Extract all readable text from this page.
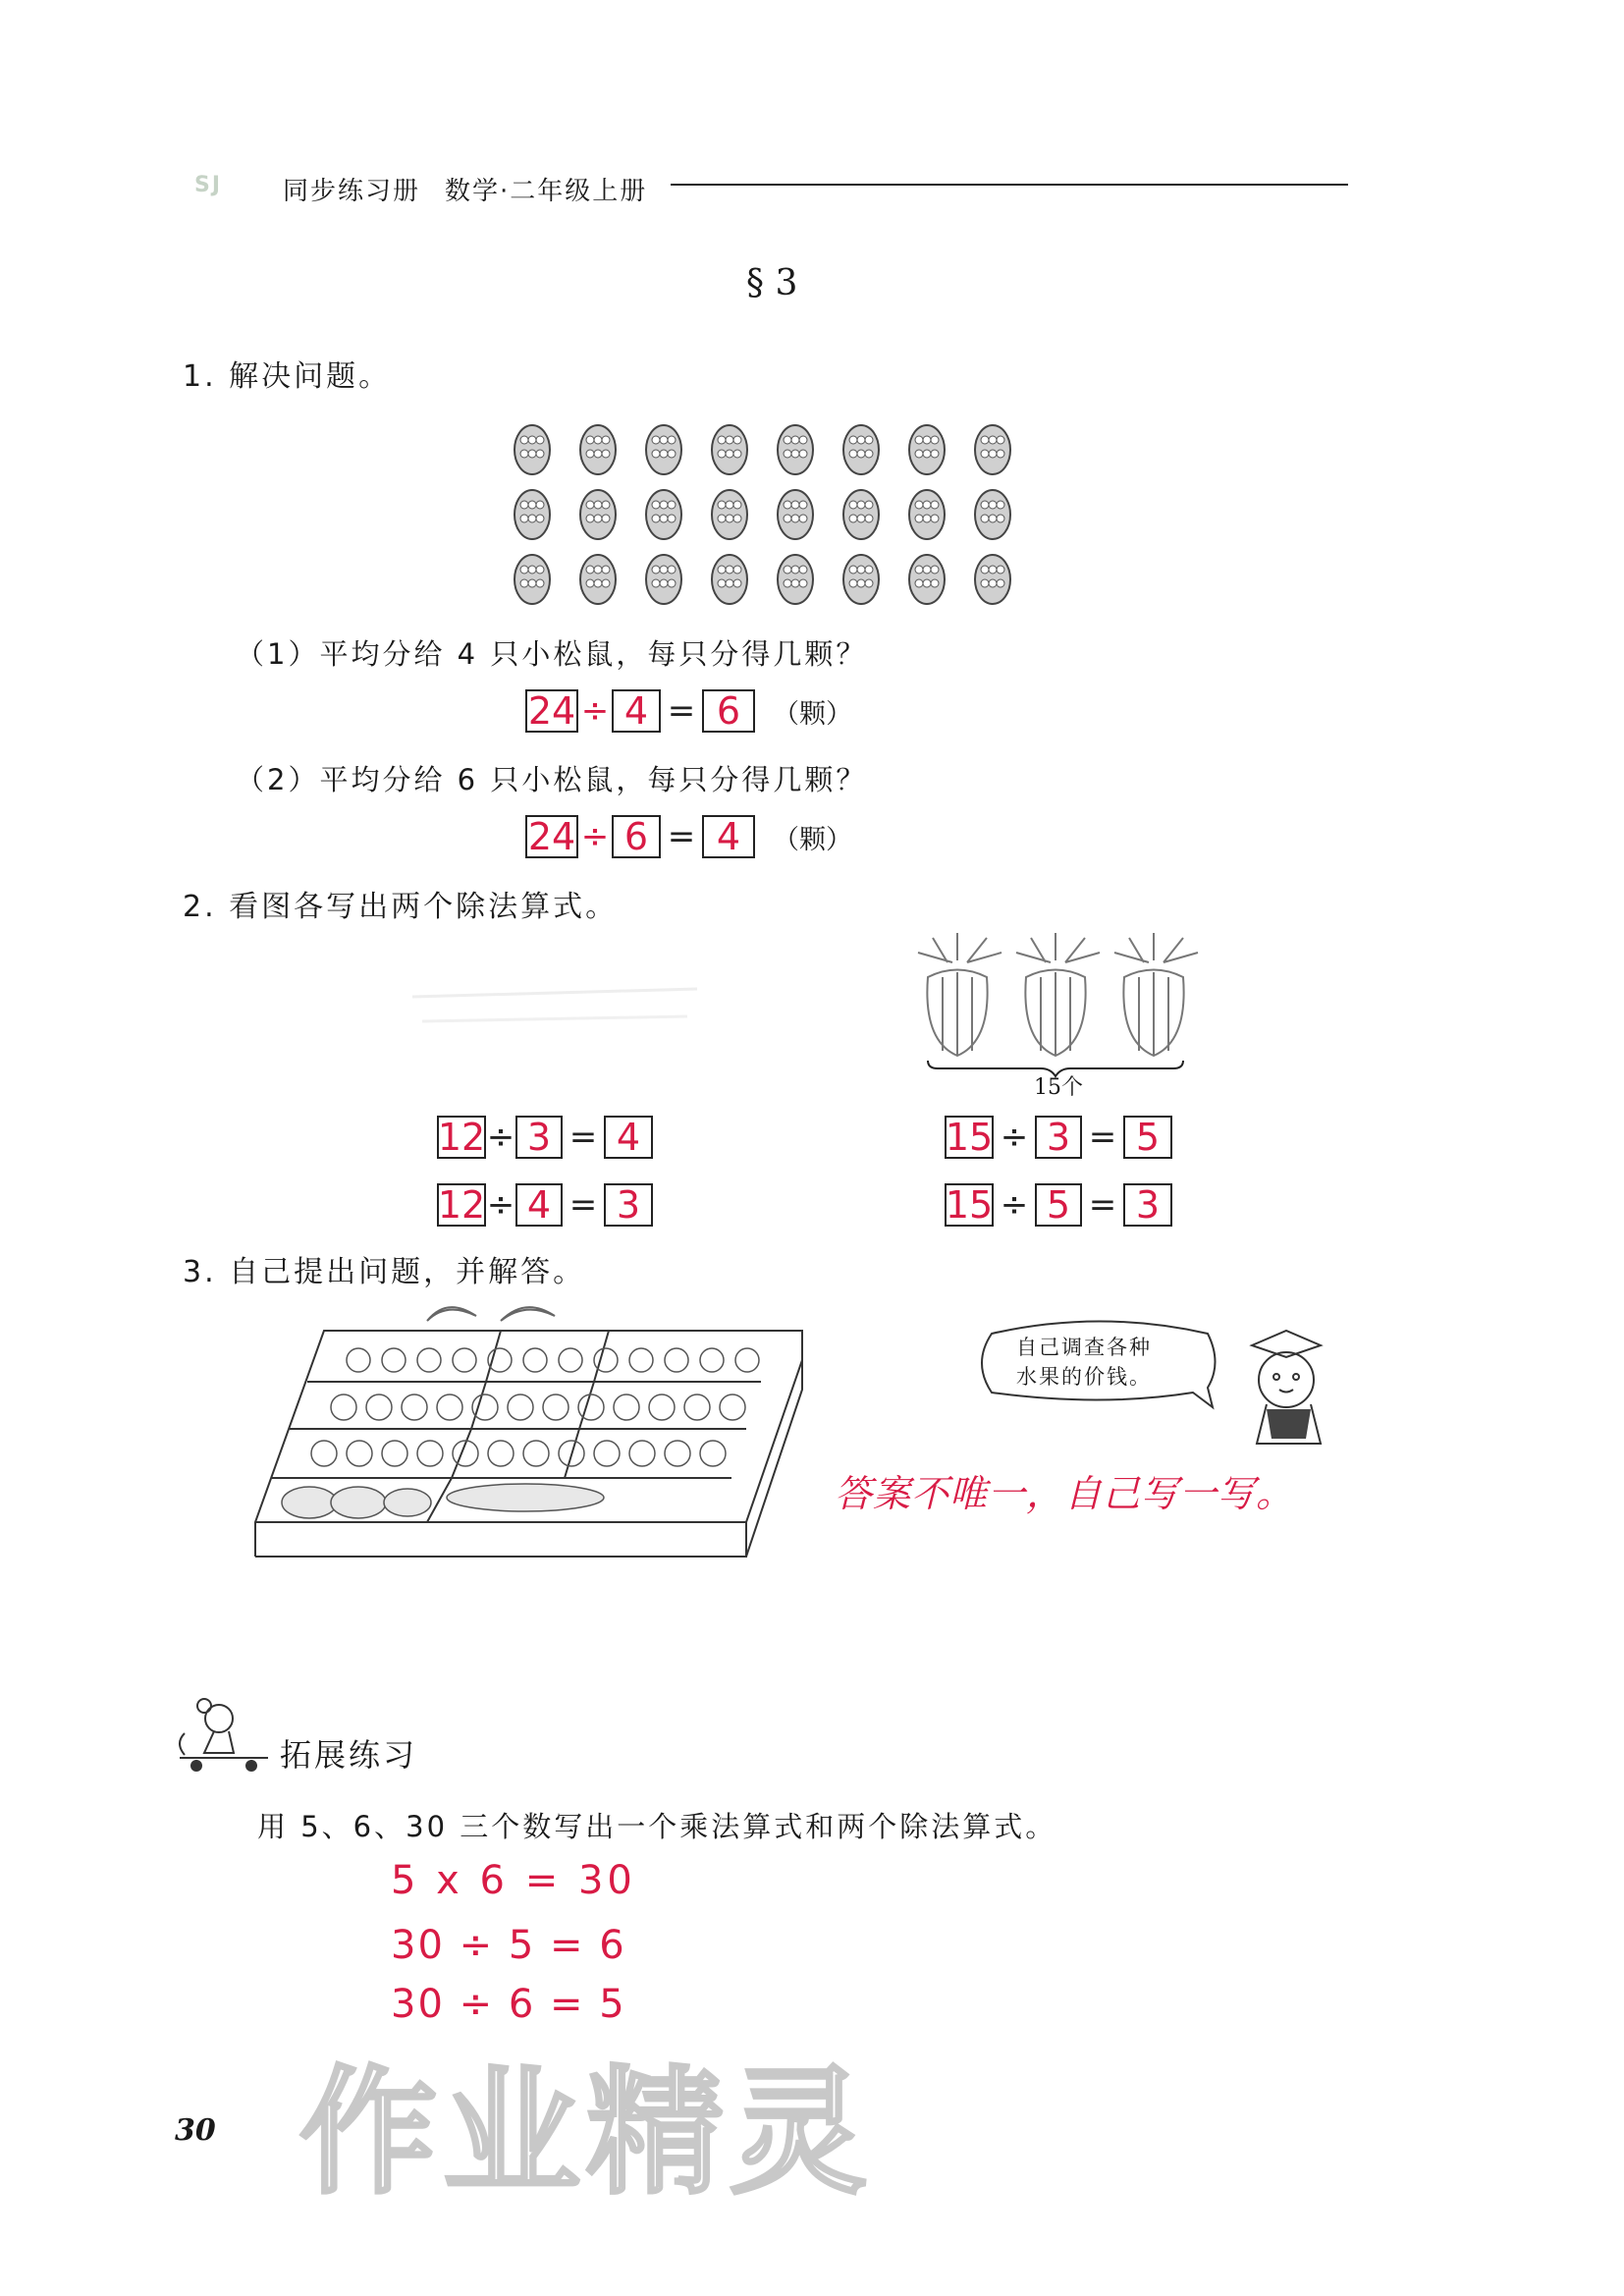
SJ 同步练习册 数学·二年级上册
§ 3
1. 解决问题。
（1）平均分给 4 只小松鼠，每只分得几颗？
24 ÷ 4 = 6	（颗）
（2）平均分给 6 只小松鼠，每只分得几颗？
24 ÷ 6 = 4	（颗）
2. 看图各写出两个除法算式。
15个
12 ÷ 3 = 4
12 ÷ 4 = 3
15 ÷ 3 = 5
15 ÷ 5 = 3
3. 自己提出问题，并解答。
自己调查各种
水果的价钱。
答案不唯一，自己写一写。
拓展练习
用 5、6、30 三个数写出一个乘法算式和两个除法算式。
5 x 6 = 30
30 ÷ 5 = 6
30 ÷ 6 = 5
作业精灵
30
